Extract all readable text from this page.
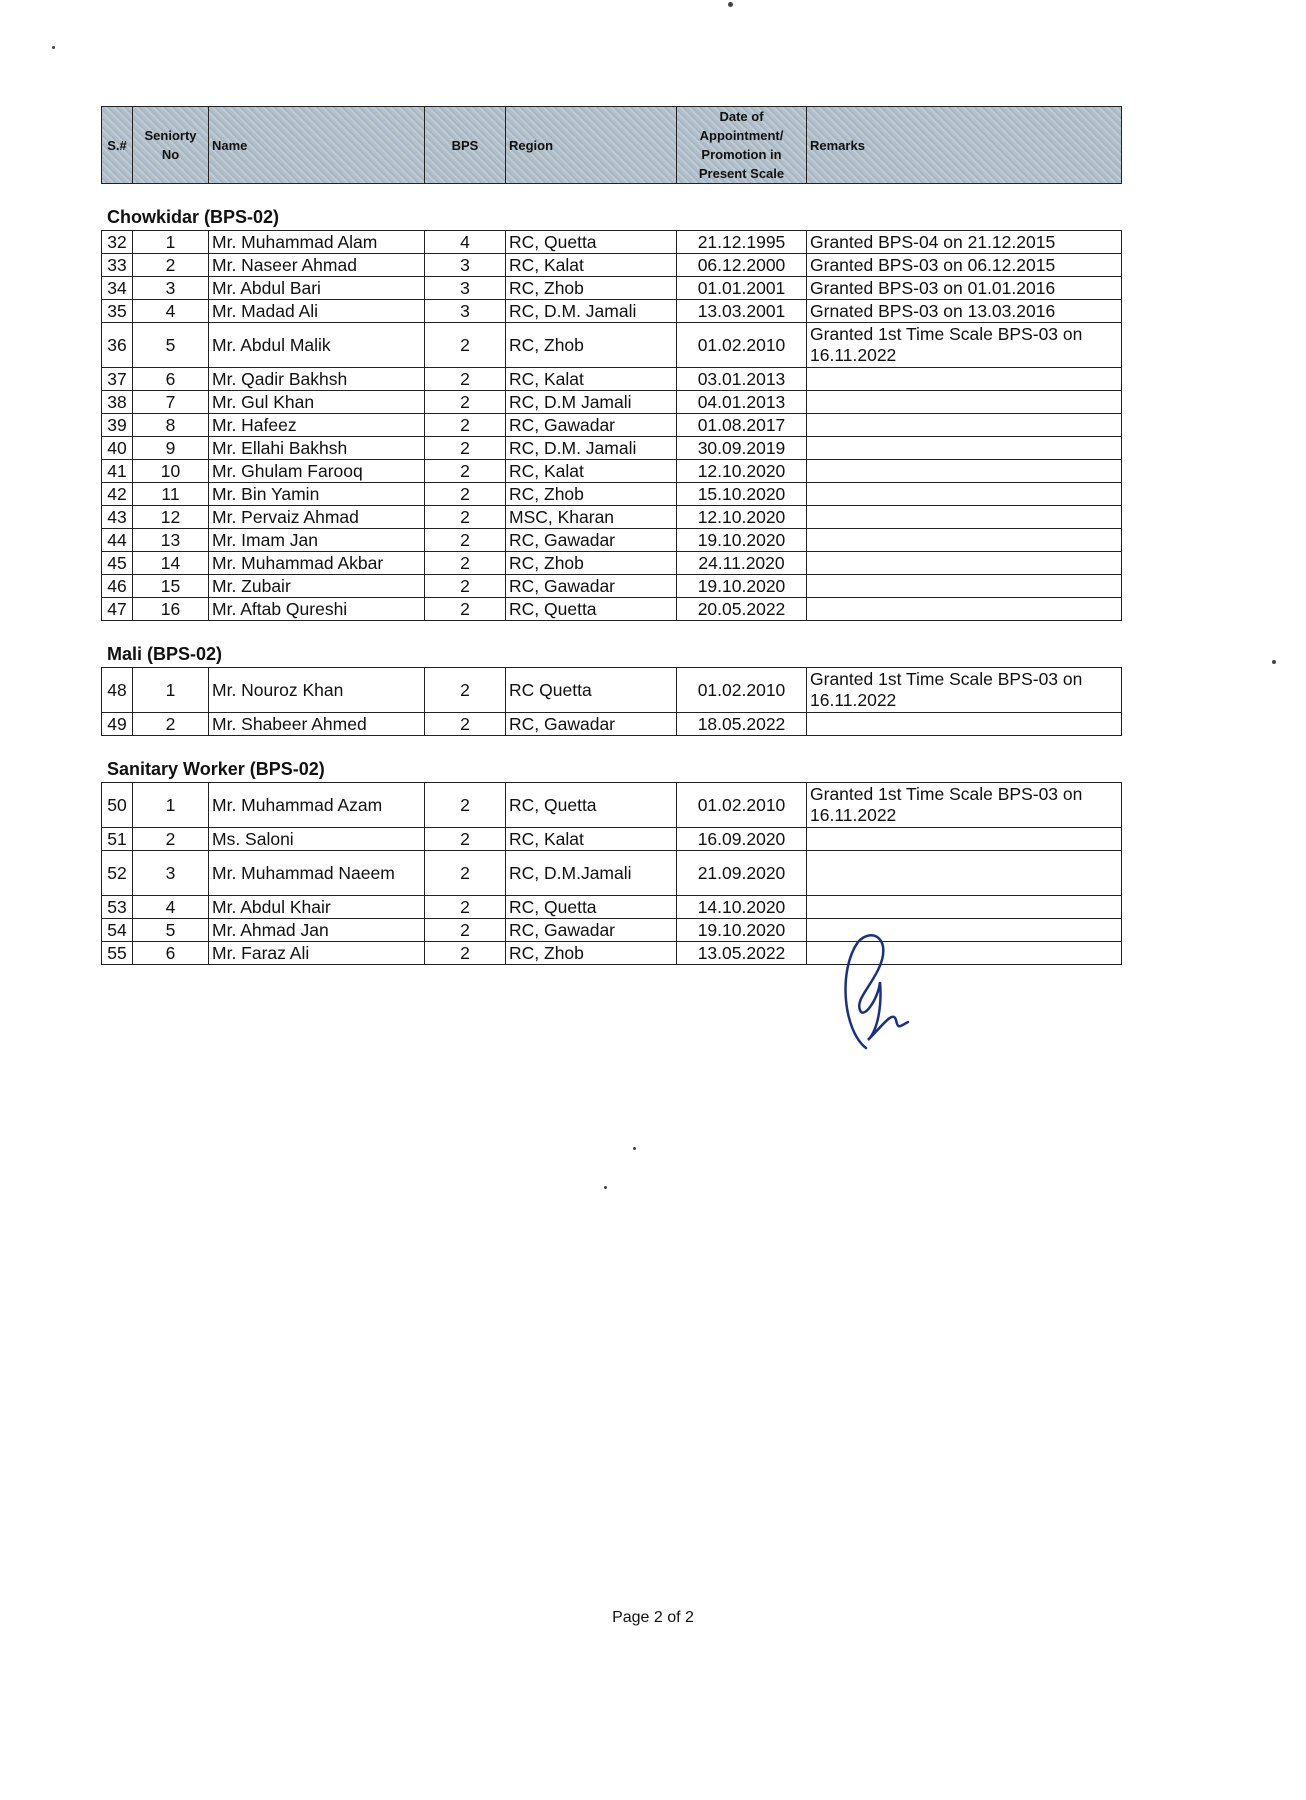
S.#	Seniorty No	Name	BPS	Region	Date of Appointment/ Promotion in Present Scale	Remarks
Chowkidar (BPS-02)
32	1	Mr. Muhammad Alam	4	RC, Quetta	21.12.1995	Granted BPS-04 on 21.12.2015
33	2	Mr. Naseer Ahmad	3	RC, Kalat	06.12.2000	Granted BPS-03 on 06.12.2015
34	3	Mr. Abdul Bari	3	RC, Zhob	01.01.2001	Granted BPS-03 on 01.01.2016
35	4	Mr. Madad Ali	3	RC, D.M. Jamali	13.03.2001	Grnated BPS-03 on 13.03.2016
36	5	Mr. Abdul Malik	2	RC, Zhob	01.02.2010	Granted 1st Time Scale BPS-03 on 16.11.2022
37	6	Mr. Qadir Bakhsh	2	RC, Kalat	03.01.2013	
38	7	Mr. Gul Khan	2	RC, D.M Jamali	04.01.2013	
39	8	Mr. Hafeez	2	RC, Gawadar	01.08.2017	
40	9	Mr. Ellahi Bakhsh	2	RC, D.M. Jamali	30.09.2019	
41	10	Mr. Ghulam Farooq	2	RC, Kalat	12.10.2020	
42	11	Mr. Bin Yamin	2	RC, Zhob	15.10.2020	
43	12	Mr. Pervaiz Ahmad	2	MSC, Kharan	12.10.2020	
44	13	Mr. Imam Jan	2	RC, Gawadar	19.10.2020	
45	14	Mr. Muhammad Akbar	2	RC, Zhob	24.11.2020	
46	15	Mr. Zubair	2	RC, Gawadar	19.10.2020	
47	16	Mr. Aftab Qureshi	2	RC, Quetta	20.05.2022	
Mali (BPS-02)
48	1	Mr. Nouroz Khan	2	RC Quetta	01.02.2010	Granted 1st Time Scale BPS-03 on 16.11.2022
49	2	Mr. Shabeer Ahmed	2	RC, Gawadar	18.05.2022	
Sanitary Worker (BPS-02)
50	1	Mr. Muhammad Azam	2	RC, Quetta	01.02.2010	Granted 1st Time Scale BPS-03 on 16.11.2022
51	2	Ms. Saloni	2	RC, Kalat	16.09.2020	
52	3	Mr. Muhammad Naeem	2	RC, D.M.Jamali	21.09.2020	
53	4	Mr. Abdul Khair	2	RC, Quetta	14.10.2020	
54	5	Mr. Ahmad Jan	2	RC, Gawadar	19.10.2020	
55	6	Mr. Faraz Ali	2	RC, Zhob	13.05.2022	
Page 2 of 2
